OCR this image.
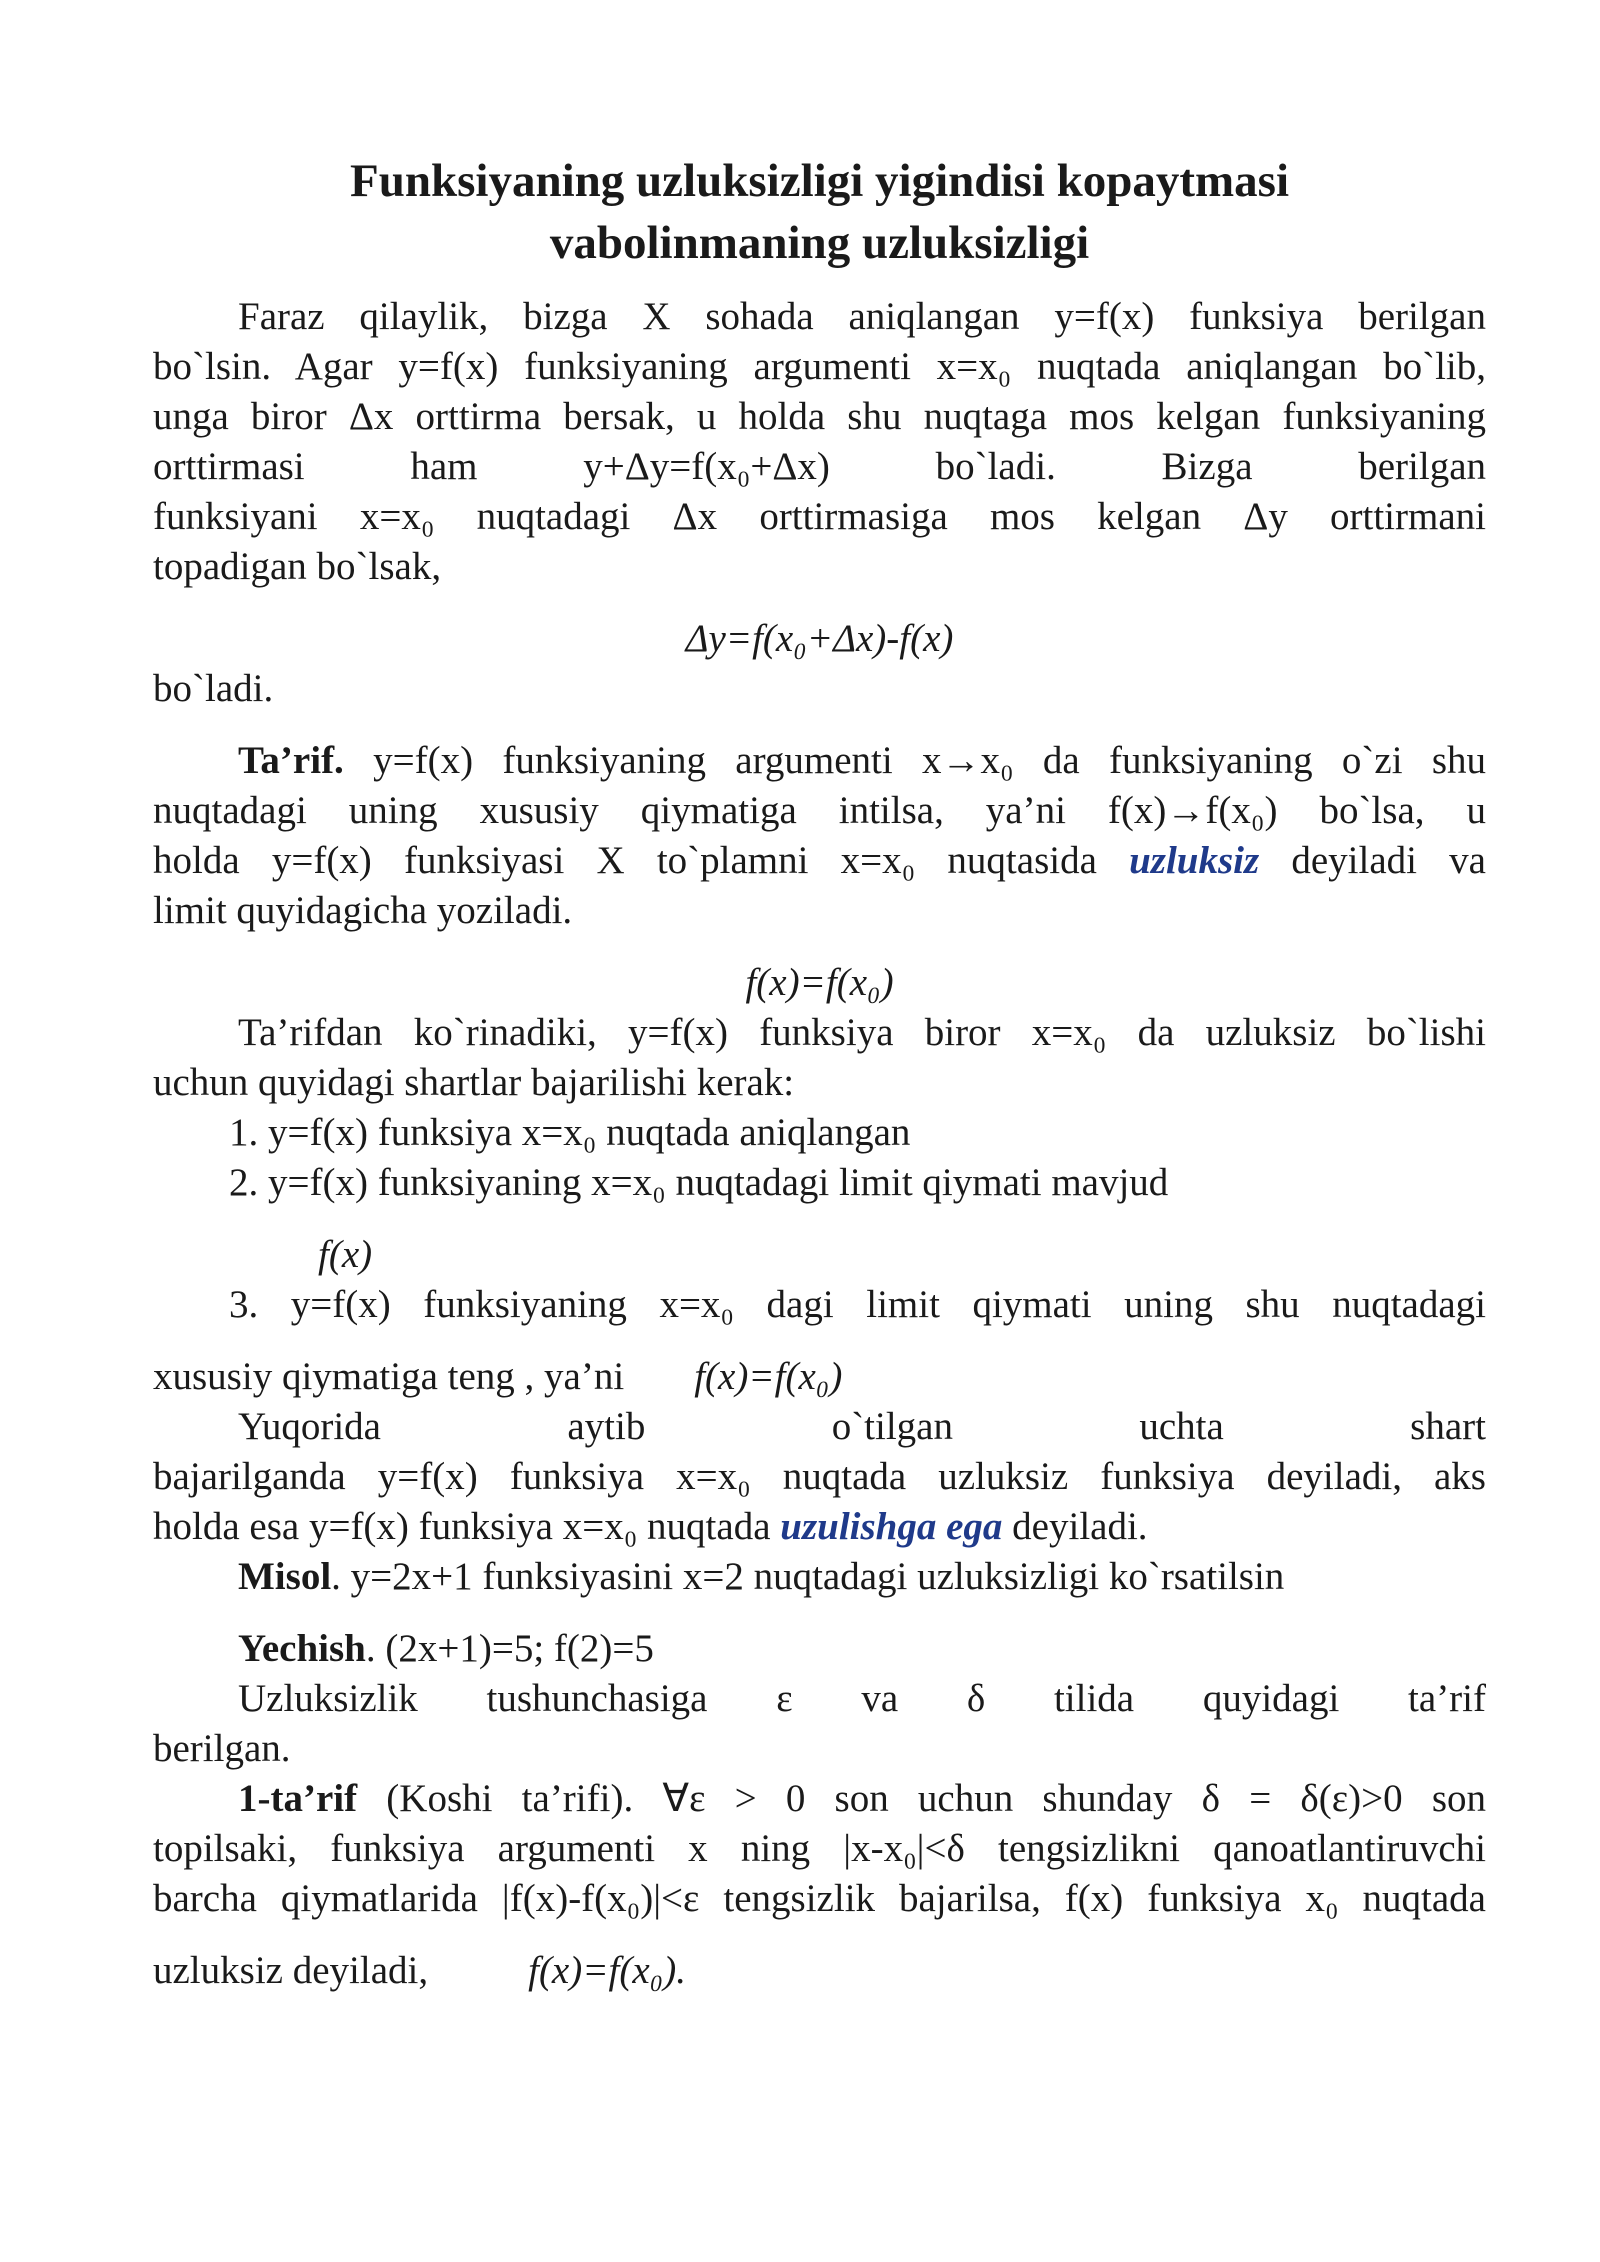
Funksiyaning uzluksizligi yigindisi kopaytmasi
vabolinmaning uzluksizligi

Faraz qilaylik, bizga X sohada aniqlangan y=f(x) funksiya berilgan

bo`lsin. Agar y=f(x) funksiyaning argumenti x=x₀ nuqtada aniqlangan bo`lib,

unga biror Δx orttirma bersak, u holda shu nuqtaga mos kelgan funksiyaning

orttirmasi ham y+Δy=f(x₀+Δx) bo`ladi. Bizga berilgan

funksiyani x=x₀ nuqtadagi Δx orttirmasiga mos kelgan Δy orttirmani

topadigan bo`lsak,

Δy=f(x₀+Δx)-f(x)

bo`ladi.

Ta’rif. y=f(x) funksiyaning argumenti x→x₀ da funksiyaning o`zi shu

nuqtadagi uning xususiy qiymatiga intilsa, ya’ni f(x)→f(x₀) bo`lsa, u

holda y=f(x) funksiyasi X to`plamni x=x₀ nuqtasida uzluksiz deyiladi va

limit quyidagicha yoziladi.

f(x)=f(x₀)

Ta’rifdan ko`rinadiki, y=f(x) funksiya biror x=x₀ da uzluksiz bo`lishi

uchun quyidagi shartlar bajarilishi kerak:

1. y=f(x) funksiya x=x₀ nuqtada aniqlangan

2. y=f(x) funksiyaning x=x₀ nuqtadagi limit qiymati mavjud

f(x)

3. y=f(x) funksiyaning x=x₀ dagi limit qiymati uning shu nuqtadagi

xususiy qiymatiga teng , ya’ni f(x)=f(x₀)

Yuqorida aytib o`tilgan uchta shart

bajarilganda y=f(x) funksiya x=x₀ nuqtada uzluksiz funksiya deyiladi, aks

holda esa y=f(x) funksiya x=x₀ nuqtada uzulishga ega deyiladi.

Misol. y=2x+1 funksiyasini x=2 nuqtadagi uzluksizligi ko`rsatilsin

Yechish. (2x+1)=5; f(2)=5

Uzluksizlik tushunchasiga ε va δ tilida quyidagi ta’rif

berilgan.

1-ta’rif (Koshi ta’rifi). ∀ε > 0 son uchun shunday δ = δ(ε)>0 son

topilsaki, funksiya argumenti x ning |x-x₀|<δ tengsizlikni qanoatlantiruvchi

barcha qiymatlarida |f(x)-f(x₀)|<ε tengsizlik bajarilsa, f(x) funksiya x₀ nuqtada

uzluksiz deyiladi,	f(x)=f(x₀).
